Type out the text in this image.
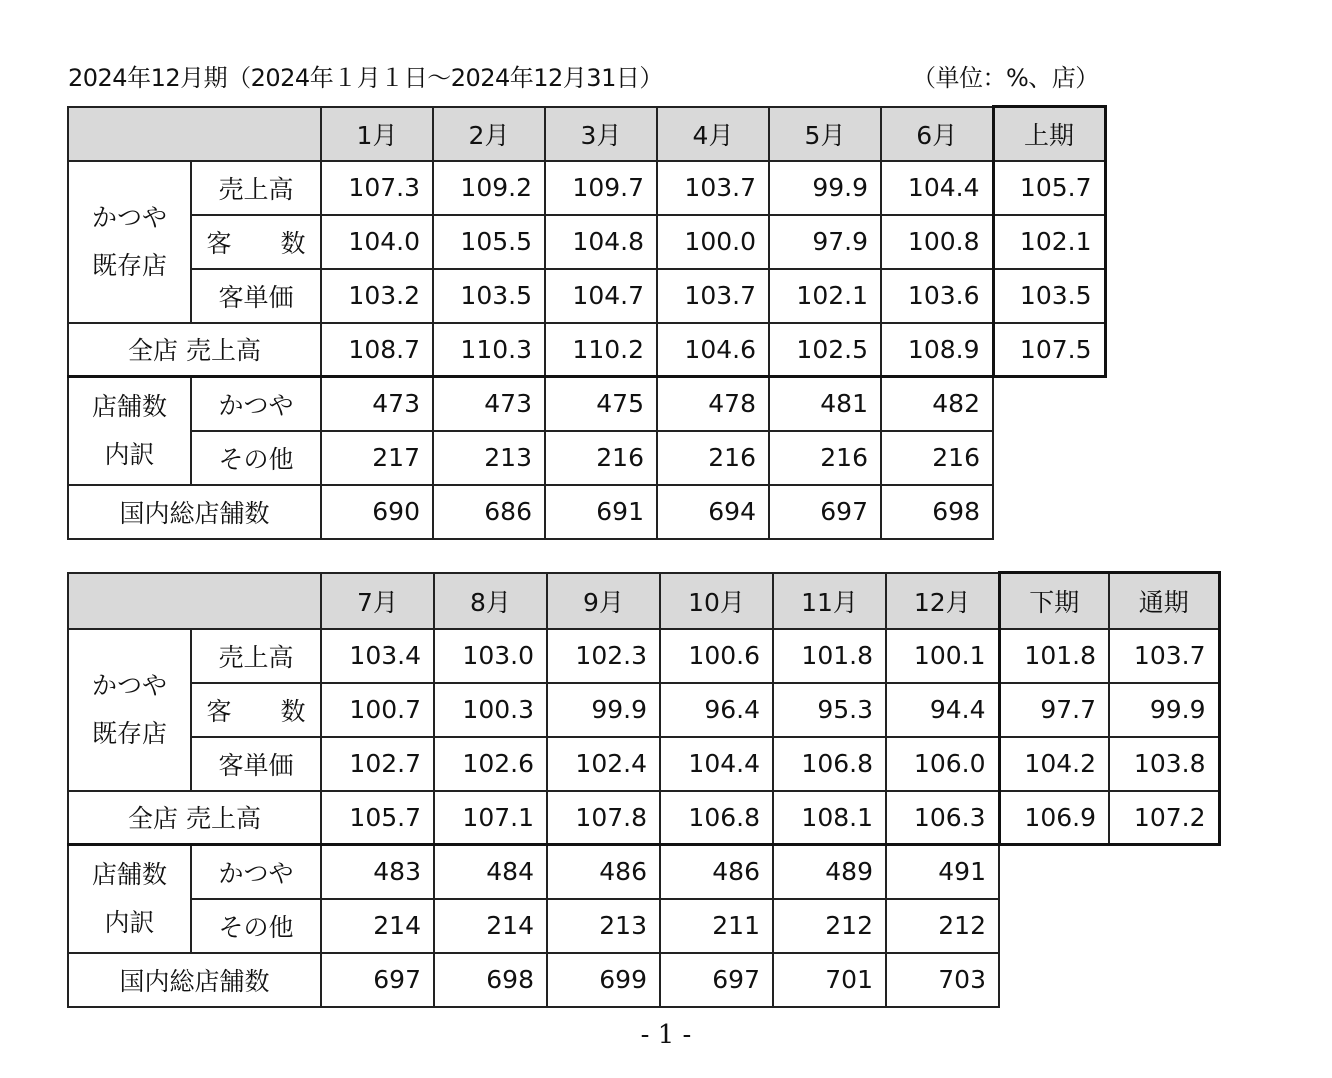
2024年12月期（2024年１月１日～2024年12月31日）	（単位：%、店）
		1月	2月	3月	4月	5月	6月	上期
かつや
既存店	売上高	107.3	109.2	109.7	103.7	99.9	104.4	105.7
	客　数	104.0	105.5	104.8	100.0	97.9	100.8	102.1
	客単価	103.2	103.5	104.7	103.7	102.1	103.6	103.5
全店 売上高		108.7	110.3	110.2	104.6	102.5	108.9	107.5
店舗数
内訳	かつや	473	473	475	478	481	482	
	その他	217	213	216	216	216	216	
国内総店舗数		690	686	691	694	697	698	
		7月	8月	9月	10月	11月	12月	下期	通期
かつや
既存店	売上高	103.4	103.0	102.3	100.6	101.8	100.1	101.8	103.7
	客　数	100.7	100.3	99.9	96.4	95.3	94.4	97.7	99.9
	客単価	102.7	102.6	102.4	104.4	106.8	106.0	104.2	103.8
全店 売上高		105.7	107.1	107.8	106.8	108.1	106.3	106.9	107.2
店舗数
内訳	かつや	483	484	486	486	489	491		
	その他	214	214	213	211	212	212		
国内総店舗数		697	698	699	697	701	703		
- 1 -
